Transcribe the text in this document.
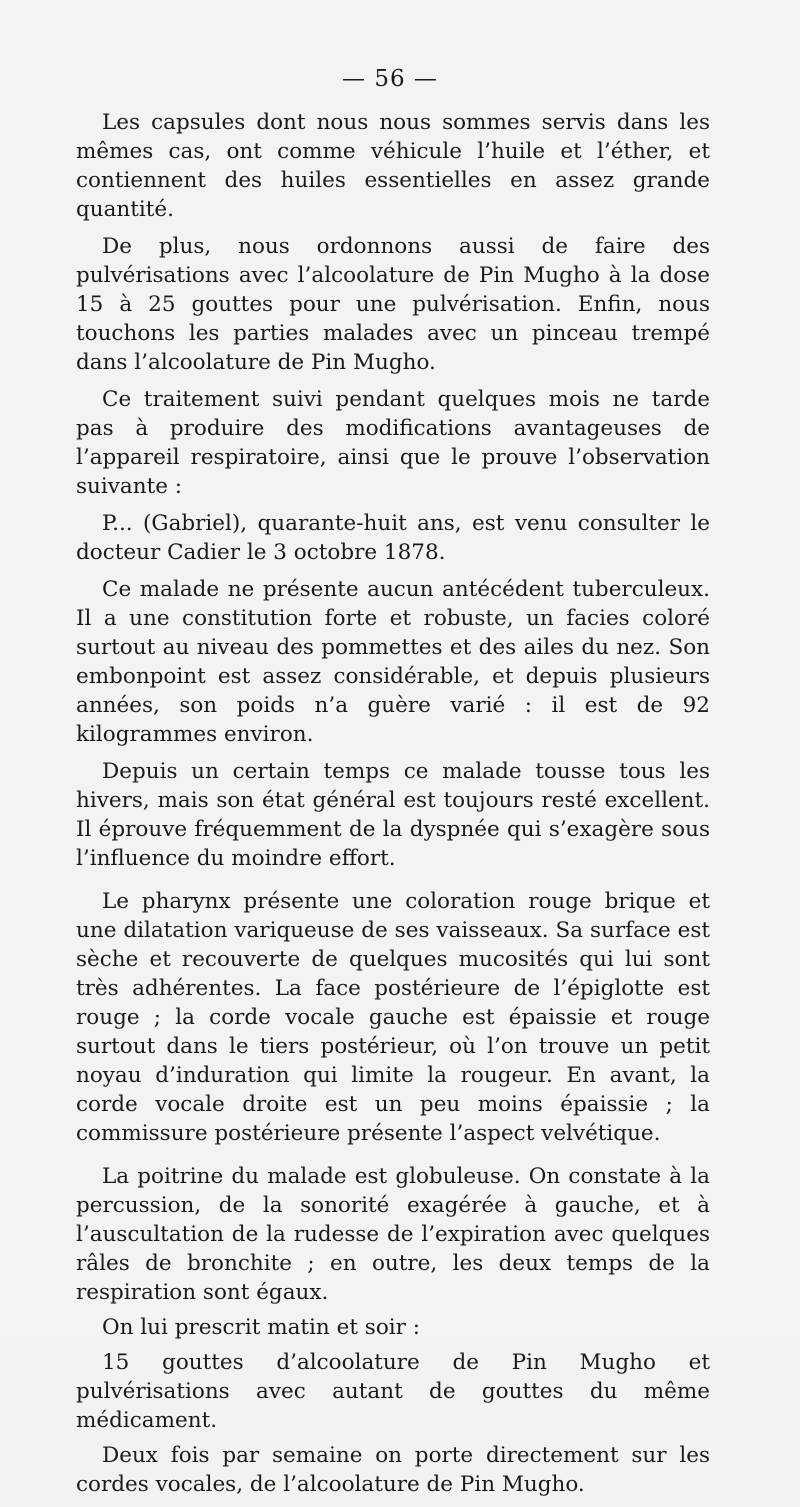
— 56 —

Les capsules dont nous nous sommes servis dans les mêmes cas, ont comme véhicule l’huile et l’éther, et contiennent des huiles essentielles en assez grande quantité.

De plus, nous ordonnons aussi de faire des pulvérisations avec l’alcoolature de Pin Mugho à la dose 15 à 25 gouttes pour une pulvérisation. Enfin, nous touchons les parties malades avec un pinceau trempé dans l’alcoolature de Pin Mugho.

Ce traitement suivi pendant quelques mois ne tarde pas à produire des modifications avantageuses de l’appareil respiratoire, ainsi que le prouve l’observation suivante :

P... (Gabriel), quarante-huit ans, est venu consulter le docteur Cadier le 3 octobre 1878.

Ce malade ne présente aucun antécédent tuberculeux. Il a une constitution forte et robuste, un facies coloré surtout au niveau des pommettes et des ailes du nez. Son embonpoint est assez considérable, et depuis plusieurs années, son poids n’a guère varié : il est de 92 kilogrammes environ.

Depuis un certain temps ce malade tousse tous les hivers, mais son état général est toujours resté excellent. Il éprouve fréquemment de la dyspnée qui s’exagère sous l’influence du moindre effort.

Le pharynx présente une coloration rouge brique et une dilatation variqueuse de ses vaisseaux. Sa surface est sèche et recouverte de quelques mucosités qui lui sont très adhérentes. La face postérieure de l’épiglotte est rouge ; la corde vocale gauche est épaissie et rouge surtout dans le tiers postérieur, où l’on trouve un petit noyau d’induration qui limite la rougeur. En avant, la corde vocale droite est un peu moins épaissie ; la commissure postérieure présente l’aspect velvétique.

La poitrine du malade est globuleuse. On constate à la percussion, de la sonorité exagérée à gauche, et à l’auscultation de la rudesse de l’expiration avec quelques râles de bronchite ; en outre, les deux temps de la respiration sont égaux.

On lui prescrit matin et soir :

15 gouttes d’alcoolature de Pin Mugho et pulvérisations avec autant de gouttes du même médicament.

Deux fois par semaine on porte directement sur les cordes vocales, de l’alcoolature de Pin Mugho.
